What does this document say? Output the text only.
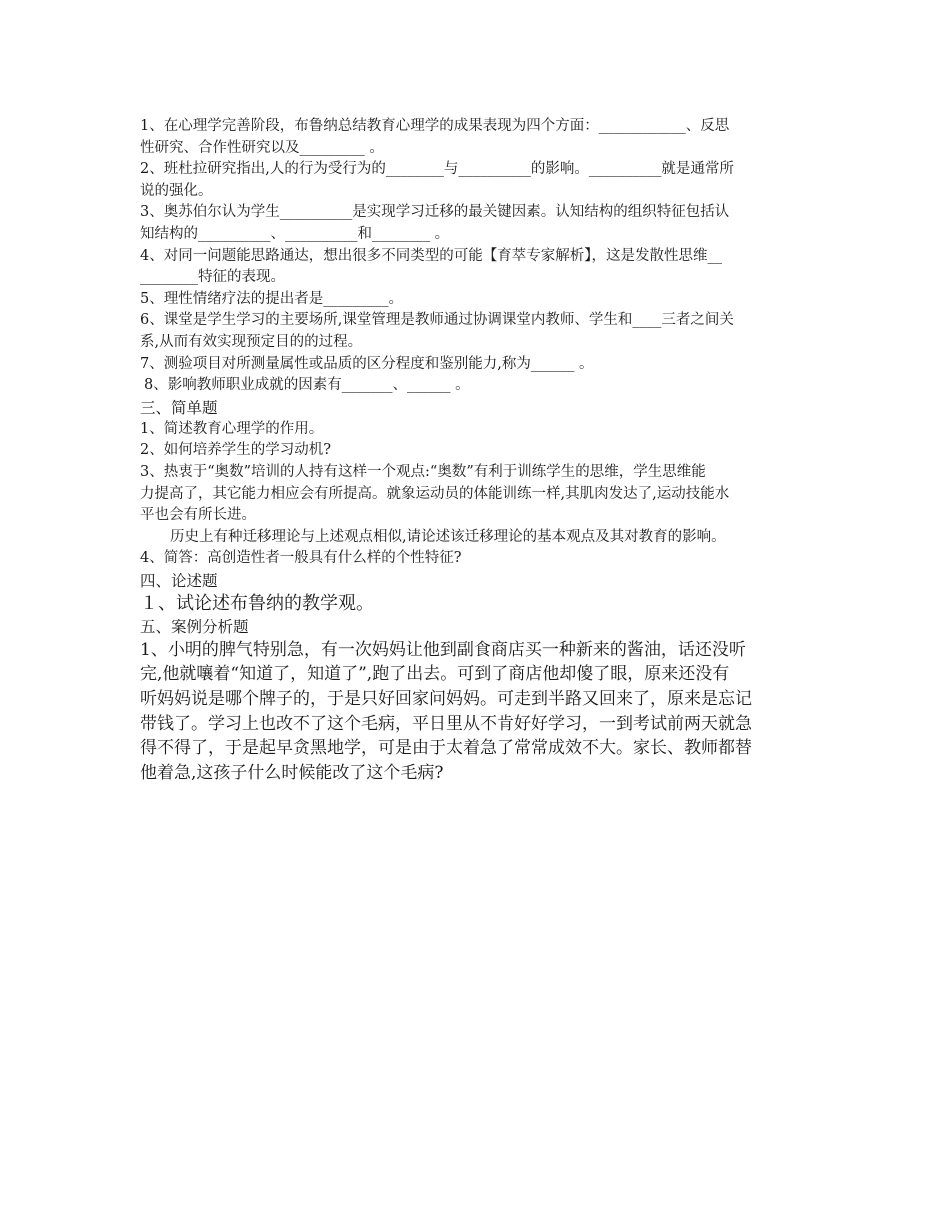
1、在心理学完善阶段，布鲁纳总结教育心理学的成果表现为四个方面：____________、反思

性研究、合作性研究以及_________ 。

2、班杜拉研究指出,人的行为受行为的________与__________的影响。__________就是通常所

说的强化。

3、奥苏伯尔认为学生__________是实现学习迁移的最关键因素。认知结构的组织特征包括认

知结构的__________、__________和________ 。

4、对同一问题能思路通达，想出很多不同类型的可能【育萃专家解析】，这是发散性思维__

________特征的表现。

5、理性情绪疗法的提出者是_________。

6、课堂是学生学习的主要场所,课堂管理是教师通过协调课堂内教师、学生和____三者之间关

系,从而有效实现预定目的的过程。

7、测验项目对所测量属性或品质的区分程度和鉴别能力,称为______ 。

8、影响教师职业成就的因素有_______、______ 。

三、简单题

1、简述教育心理学的作用。

2、如何培养学生的学习动机?

3、热衷于“奥数”培训的人持有这样一个观点:“奥数”有利于训练学生的思维，学生思维能

力提高了，其它能力相应会有所提高。就象运动员的体能训练一样,其肌肉发达了,运动技能水

平也会有所长进。

历史上有种迁移理论与上述观点相似,请论述该迁移理论的基本观点及其对教育的影响。

4、简答：高创造性者一般具有什么样的个性特征?

四、论述题

１、试论述布鲁纳的教学观。

五、案例分析题

1、小明的脾气特别急，有一次妈妈让他到副食商店买一种新来的酱油，话还没听

完,他就嚷着“知道了，知道了”,跑了出去。可到了商店他却傻了眼，原来还没有

听妈妈说是哪个牌子的，于是只好回家问妈妈。可走到半路又回来了，原来是忘记

带钱了。学习上也改不了这个毛病，平日里从不肯好好学习，一到考试前两天就急

得不得了，于是起早贪黑地学，可是由于太着急了常常成效不大。家长、教师都替

他着急,这孩子什么时候能改了这个毛病?
